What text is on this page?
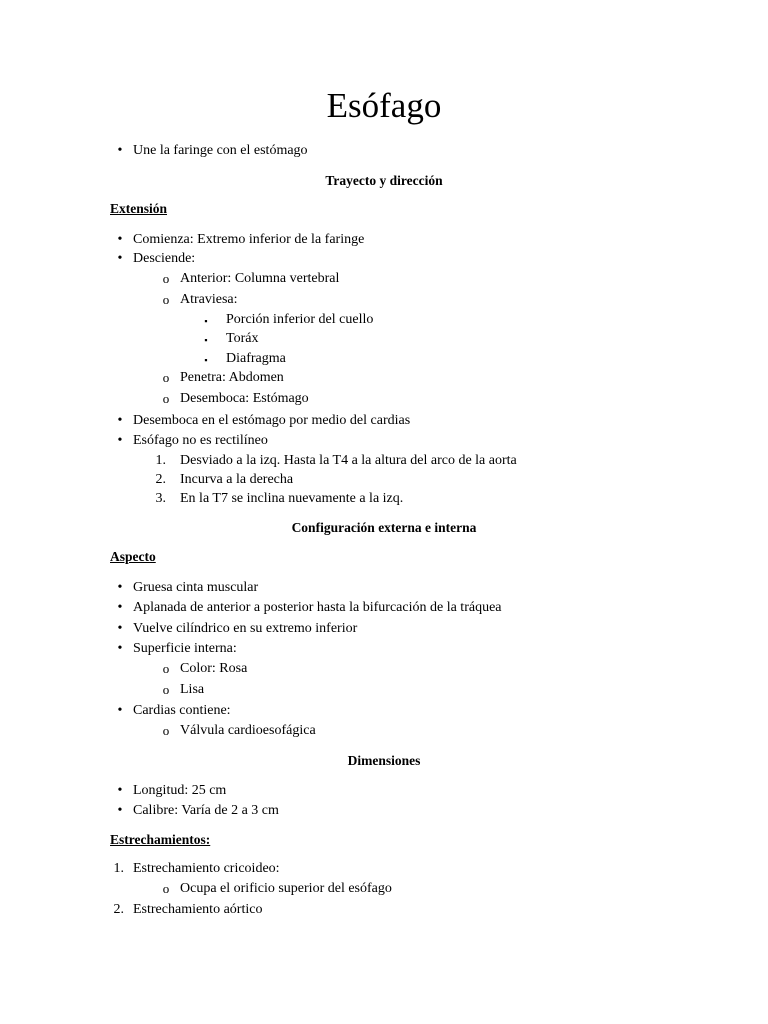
Esófago
• Une la faringe con el estómago
Trayecto y dirección
Extensión
• Comienza: Extremo inferior de la faringe
• Desciende:
o Anterior: Columna vertebral
o Atraviesa:
▪	Porción inferior del cuello
▪	Toráx
▪	Diafragma
o Penetra: Abdomen
o Desemboca: Estómago
• Desemboca en el estómago por medio del cardias
• Esófago no es rectilíneo
1. Desviado a la izq. Hasta la T4 a la altura del arco de la aorta
2. Incurva a la derecha
3. En la T7 se inclina nuevamente a la izq.
Configuración externa e interna
Aspecto
• Gruesa cinta muscular
• Aplanada de anterior a posterior hasta la bifurcación de la tráquea
• Vuelve cilíndrico en su extremo inferior
• Superficie interna:
o Color: Rosa
o Lisa
• Cardias contiene:
o Válvula cardioesofágica
Dimensiones
• Longitud: 25 cm
• Calibre: Varía de 2 a 3 cm
Estrechamientos:
1. Estrechamiento cricoideo:
o Ocupa el orificio superior del esófago
2. Estrechamiento aórtico
